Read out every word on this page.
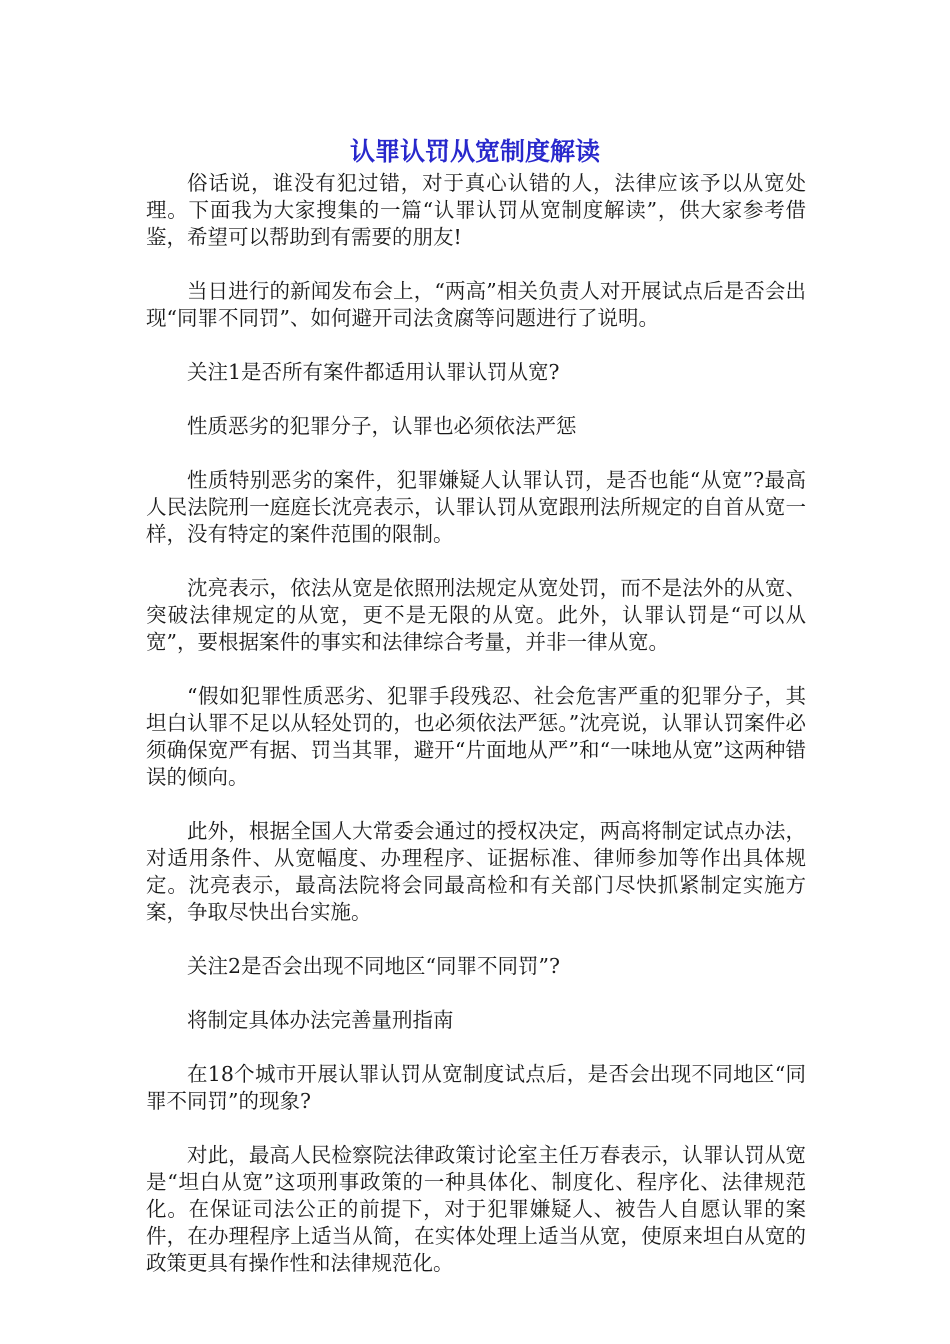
认罪认罚从宽制度解读

俗话说，谁没有犯过错，对于真心认错的人，法律应该予以从宽处理。下面我为大家搜集的一篇“认罪认罚从宽制度解读”，供大家参考借鉴，希望可以帮助到有需要的朋友!

当日进行的新闻发布会上，“两高”相关负责人对开展试点后是否会出现“同罪不同罚”、如何避开司法贪腐等问题进行了说明。

关注1是否所有案件都适用认罪认罚从宽?

性质恶劣的犯罪分子，认罪也必须依法严惩

性质特别恶劣的案件，犯罪嫌疑人认罪认罚，是否也能“从宽”?最高人民法院刑一庭庭长沈亮表示，认罪认罚从宽跟刑法所规定的自首从宽一样，没有特定的案件范围的限制。

沈亮表示，依法从宽是依照刑法规定从宽处罚，而不是法外的从宽、突破法律规定的从宽，更不是无限的从宽。此外，认罪认罚是“可以从宽”，要根据案件的事实和法律综合考量，并非一律从宽。

“假如犯罪性质恶劣、犯罪手段残忍、社会危害严重的犯罪分子，其坦白认罪不足以从轻处罚的，也必须依法严惩。”沈亮说，认罪认罚案件必须确保宽严有据、罚当其罪，避开“片面地从严”和“一味地从宽”这两种错误的倾向。

此外，根据全国人大常委会通过的授权决定，两高将制定试点办法，对适用条件、从宽幅度、办理程序、证据标准、律师参加等作出具体规定。沈亮表示，最高法院将会同最高检和有关部门尽快抓紧制定实施方案，争取尽快出台实施。

关注2是否会出现不同地区“同罪不同罚”?

将制定具体办法完善量刑指南

在18个城市开展认罪认罚从宽制度试点后，是否会出现不同地区“同罪不同罚”的现象?

对此，最高人民检察院法律政策讨论室主任万春表示，认罪认罚从宽是“坦白从宽”这项刑事政策的一种具体化、制度化、程序化、法律规范化。在保证司法公正的前提下，对于犯罪嫌疑人、被告人自愿认罪的案件，在办理程序上适当从简，在实体处理上适当从宽，使原来坦白从宽的政策更具有操作性和法律规范化。
